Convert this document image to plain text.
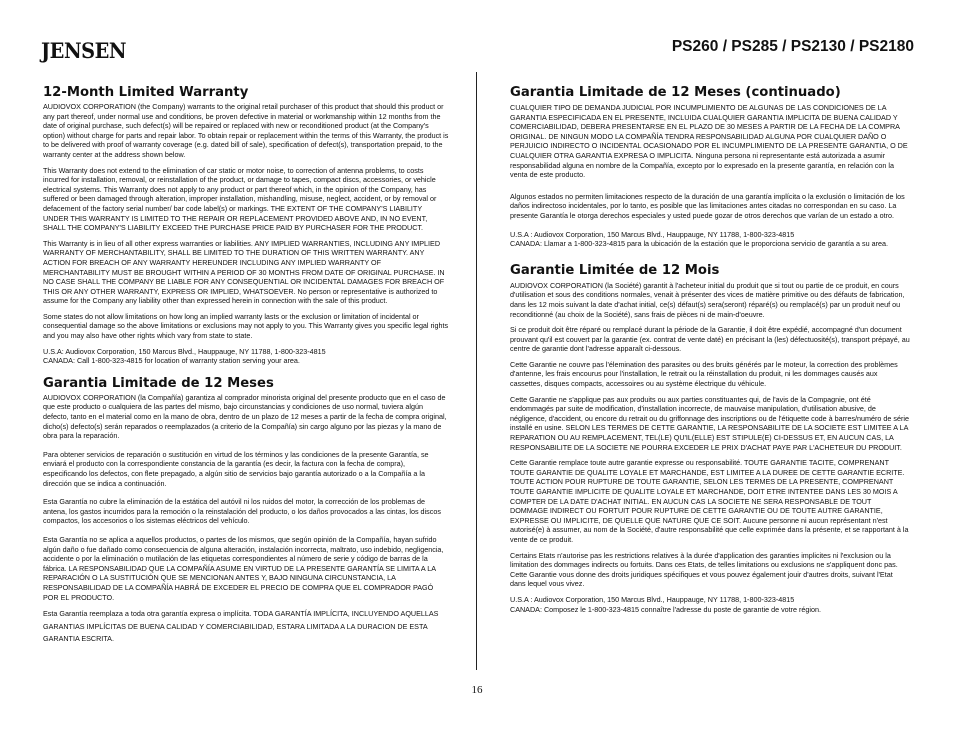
JENSEN	PS260 / PS285 / PS2130 / PS2180
12-Month Limited Warranty

AUDIOVOX CORPORATION (the Company) warrants to the original retail purchaser of this product that should this product or any part thereof, under normal use and conditions, be proven defective in material or workmanship within 12 months from the date of original purchase, such defect(s) will be repaired or replaced with new or reconditioned product (at the Company's option) without charge for parts and repair labor. To obtain repair or replacement within the terms of this Warranty, the product is to be delivered with proof of warranty coverage (e.g. dated bill of sale), specification of defect(s), transportation prepaid, to the warranty center at the address shown below.

This Warranty does not extend to the elimination of car static or motor noise, to correction of antenna problems, to costs incurred for installation, removal, or reinstallation of the product, or damage to tapes, compact discs, accessories, or vehicle electrical systems. This Warranty does not apply to any product or part thereof which, in the opinion of the Company, has suffered or been damaged through alteration, improper installation, mishandling, misuse, neglect, accident, or by removal or defacement of the factory serial number/ bar code label(s) or markings. THE EXTENT OF THE COMPANY'S LIABILITY UNDER THIS WARRANTY IS LIMITED TO THE REPAIR OR REPLACEMENT PROVIDED ABOVE AND, IN NO EVENT, SHALL THE COMPANY'S LIABILITY EXCEED THE PURCHASE PRICE PAID BY PURCHASER FOR THE PRODUCT.

This Warranty is in lieu of all other express warranties or liabilities. ANY IMPLIED WARRANTIES, INCLUDING ANY IMPLIED WARRANTY OF MERCHANTABILITY, SHALL BE LIMITED TO THE DURATION OF THIS WRITTEN WARRANTY. ANY ACTION FOR BREACH OF ANY WARRANTY HEREUNDER INCLUDING ANY IMPLIED WARRANTY OF MERCHANTABILITY MUST BE BROUGHT WITHIN A PERIOD OF 30 MONTHS FROM DATE OF ORIGINAL PURCHASE. IN NO CASE SHALL THE COMPANY BE LIABLE FOR ANY CONSEQUENTIAL OR INCIDENTAL DAMAGES FOR BREACH OF THIS OR ANY OTHER WARRANTY, EXPRESS OR IMPLIED, WHATSOEVER. No person or representative is authorized to assume for the Company any liability other than expressed herein in connection with the sale of this product.

Some states do not allow limitations on how long an implied warranty lasts or the exclusion or limitation of incidental or consequential damage so the above limitations or exclusions may not apply to you. This Warranty gives you specific legal rights and you may also have other rights which vary from state to state.

U.S.A: Audiovox Corporation, 150 Marcus Blvd., Hauppauge, NY 11788, 1-800-323-4815
CANADA: Call 1-800-323-4815 for location of warranty station serving your area.

Garantia Limitade de 12 Meses

AUDIOVOX CORPORATION (la Compañía) garantiza al comprador minorista original del presente producto que en el caso de que este producto o cualquiera de las partes del mismo, bajo circunstancias y condiciones de uso normal, tuviera algún defecto, tanto en el material como en la mano de obra, dentro de un plazo de 12 meses a partir de la fecha de compra original, dicho(s) defecto(s) serán reparados o reemplazados (a criterio de la Compañía) sin cargo alguno por las piezas y la mano de obra para la reparación.

Para obtener servicios de reparación o sustitución en virtud de los términos y las condiciones de la presente Garantía, se enviará el producto con la correspondiente constancia de la garantía (es decir, la factura con la fecha de compra), especificando los defectos, con flete prepagado, a algún sitio de servicios bajo garantía autorizado o a la Compañía a la dirección que se indica a continuación.

Esta Garantía no cubre la eliminación de la estática del autóvil ni los ruidos del motor, la corrección de los problemas de antena, los gastos incurridos para la remoción o la reinstalación del producto, o los daños provocados a las cintas, los discos compactos, los accesorios o los sistemas eléctricos del vehículo.

Esta Garantía no se aplica a aquellos productos, o partes de los mismos, que según opinión de la Compañía, hayan sufrido algún daño o fue dañado como consecuencia de alguna alteración, instalación incorrecta, maltrato, uso indebido, negligencia, accidente o por la eliminación o mutilación de las etiquetas correspondientes al número de serie y código de barras de la fábrica. LA RESPONSABILIDAD QUE LA COMPAÑÍA ASUME EN VIRTUD DE LA PRESENTE GARANTÍA SE LIMITA A LA REPARACIÓN O LA SUSTITUCIÓN QUE SE MENCIONAN ANTES Y, BAJO NINGUNA CIRCUNSTANCIA, LA RESPONSABILIDAD DE LA COMPAÑÍA HABRÁ DE EXCEDER EL PRECIO DE COMPRA QUE EL COMPRADOR PAGÓ POR EL PRODUCTO.

Esta Garantía reemplaza a toda otra garantía expresa o implícita. TODA GARANTÍA IMPLÍCITA, INCLUYENDO AQUELLAS GARANTIAS IMPLÍCITAS DE BUENA CALIDAD Y COMERCIABILIDAD, ESTARA LIMITADA A LA DURACION DE ESTA GARANTIA ESCRITA.

Garantia Limitade de 12 Meses (continuado)

CUALQUIER TIPO DE DEMANDA JUDICIAL POR INCUMPLIMIENTO DE ALGUNAS DE LAS CONDICIONES DE LA GARANTIA ESPECIFICADA EN EL PRESENTE, INCLUIDA CUALQUIER GARANTIA IMPLICITA DE BUENA CALIDAD Y COMERCIABILIDAD, DEBERA PRESENTARSE EN EL PLAZO DE 30 MESES A PARTIR DE LA FECHA DE LA COMPRA ORIGINAL. DE NINGUN MODO LA COMPAÑÍA TENDRA RESPONSABILIDAD ALGUNA POR CUALQUIER DAÑO O PERJUICIO INDIRECTO O INCIDENTAL OCASIONADO POR EL INCUMPLIMIENTO DE LA PRESENTE GARANTIA, O DE CUALQUIER OTRA GARANTIA EXPRESA O IMPLICITA. Ninguna persona ni representante está autorizada a asumir responsabilidad alguna en nombre de la Compañía, excepto por lo expresado en la presente garantía, en relación con la venta de este producto.

Algunos estados no permiten limitaciones respecto de la duración de una garantía implícita o la exclusión o limitación de los daños indirectoso incidentales, por lo tanto, es posible que las limitaciones antes citadas no correspondan en su caso. La presente Garantía le otorga derechos especiales y usted puede gozar de otros derechos que varían de un estado a otro.

U.S.A : Audiovox Corporation, 150 Marcus Blvd., Hauppauge, NY 11788, 1-800-323-4815
CANADA: Llamar a 1-800-323-4815 para la ubicación de la estación que le proporciona servicio de garantía a su area.

Garantie Limitée de 12 Mois

AUDIOVOX CORPORATION (la Société) garantit à l'acheteur initial du produit que si tout ou partie de ce produit, en cours d'utilisation et sous des conditions normales, venait à présenter des vices de matière primitive ou des défauts de fabrication, dans les 12 mois suivant la date d'achat initial, ce(s) défaut(s) sera(seront) réparé(s) ou remplacé(s) par un produit neuf ou reconditionné (au choix de la Société), sans frais de pièces ni de main-d'oeuvre.

Si ce produit doit être réparé ou remplacé durant la période de la Garantie, il doit être expédié, accompagné d'un document prouvant qu'il est couvert par la garantie (ex. contrat de vente daté) en précisant la (les) défectuosité(s), transport prépayé, au centre de garantie dont l'adresse apparaît ci-dessous.

Cette Garantie ne couvre pas l'élemination des parasites ou des bruits générés par le moteur, la correction des problèmes d'antenne, les frais encourus pour l'installation, le retrait ou la réinstallation du produit, ni les dommages causés aux cassettes, disques compacts, accessoires ou au système électrique du véhicule.

Cette Garantie ne s'applique pas aux produits ou aux parties constituantes qui, de l'avis de la Compagnie, ont été endommagés par suite de modification, d'installation incorrecte, de mauvaise manipulation, d'utilisation abusive, de négligence, d'accident, ou encore du retrait ou du griffonnage des inscriptions ou de l'étiquette code à barres/numéro de série installé en usine. SELON LES TERMES DE CETTE GARANTIE, LA RESPONSABILITE DE LA SOCIETE EST LIMITEE A LA REPARATION OU AU REMPLACEMENT, TEL(LE) QU'IL(ELLE) EST STIPULE(E) CI-DESSUS ET, EN AUCUN CAS, LA RESPONSABILITE DE LA SOCIETE NE POURRA EXCEDER LE PRIX D'ACHAT PAYE PAR L'ACHETEUR DU PRODUIT.

Cette Garantie remplace toute autre garantie expresse ou responsabilité. TOUTE GARANTIE TACITE, COMPRENANT TOUTE GARANTIE DE QUALITE LOYALE ET MARCHANDE, EST LIMITEE A LA DUREE DE CETTE GARANTIE ECRITE. TOUTE ACTION POUR RUPTURE DE TOUTE GARANTIE, SELON LES TERMES DE LA PRESENTE, COMPRENANT TOUTE GARANTIE IMPLICITE DE QUALITE LOYALE ET MARCHANDE, DOIT ETRE INTENTEE DANS LES 30 MOIS A COMPTER DE LA DATE D'ACHAT INITIAL. EN AUCUN CAS LA SOCIETE NE SERA RESPONSABLE DE TOUT DOMMAGE INDIRECT OU FORTUIT POUR RUPTURE DE CETTE GARANTIE OU DE TOUTE AUTRE GARANTIE, EXPRESSE OU IMPLICITE, DE QUELLE QUE NATURE QUE CE SOIT. Aucune personne ni aucun représentant n'est autorisé(e) à assumer, au nom de la Société, d'autre responsabilité que celle exprimée dans la présente, et se rapportant à la vente de ce produit.

Certains Etats n'autorise pas les restrictions relatives à la durée d'application des garanties implicites ni l'exclusion ou la limitation des dommages indirects ou fortuits. Dans ces Etats, de telles limitations ou exclusions ne s'appliquent donc pas. Cette Garantie vous donne des droits juridiques spécifiques et vous pouvez également jouir d'autres droits, suivant l'Etat dans lequel vous vivez.

U.S.A : Audiovox Corporation, 150 Marcus Blvd., Hauppauge, NY 11788, 1-800-323-4815
CANADA: Composez le 1-800-323-4815 connaître l'adresse du poste de garantie de votre région.

16
